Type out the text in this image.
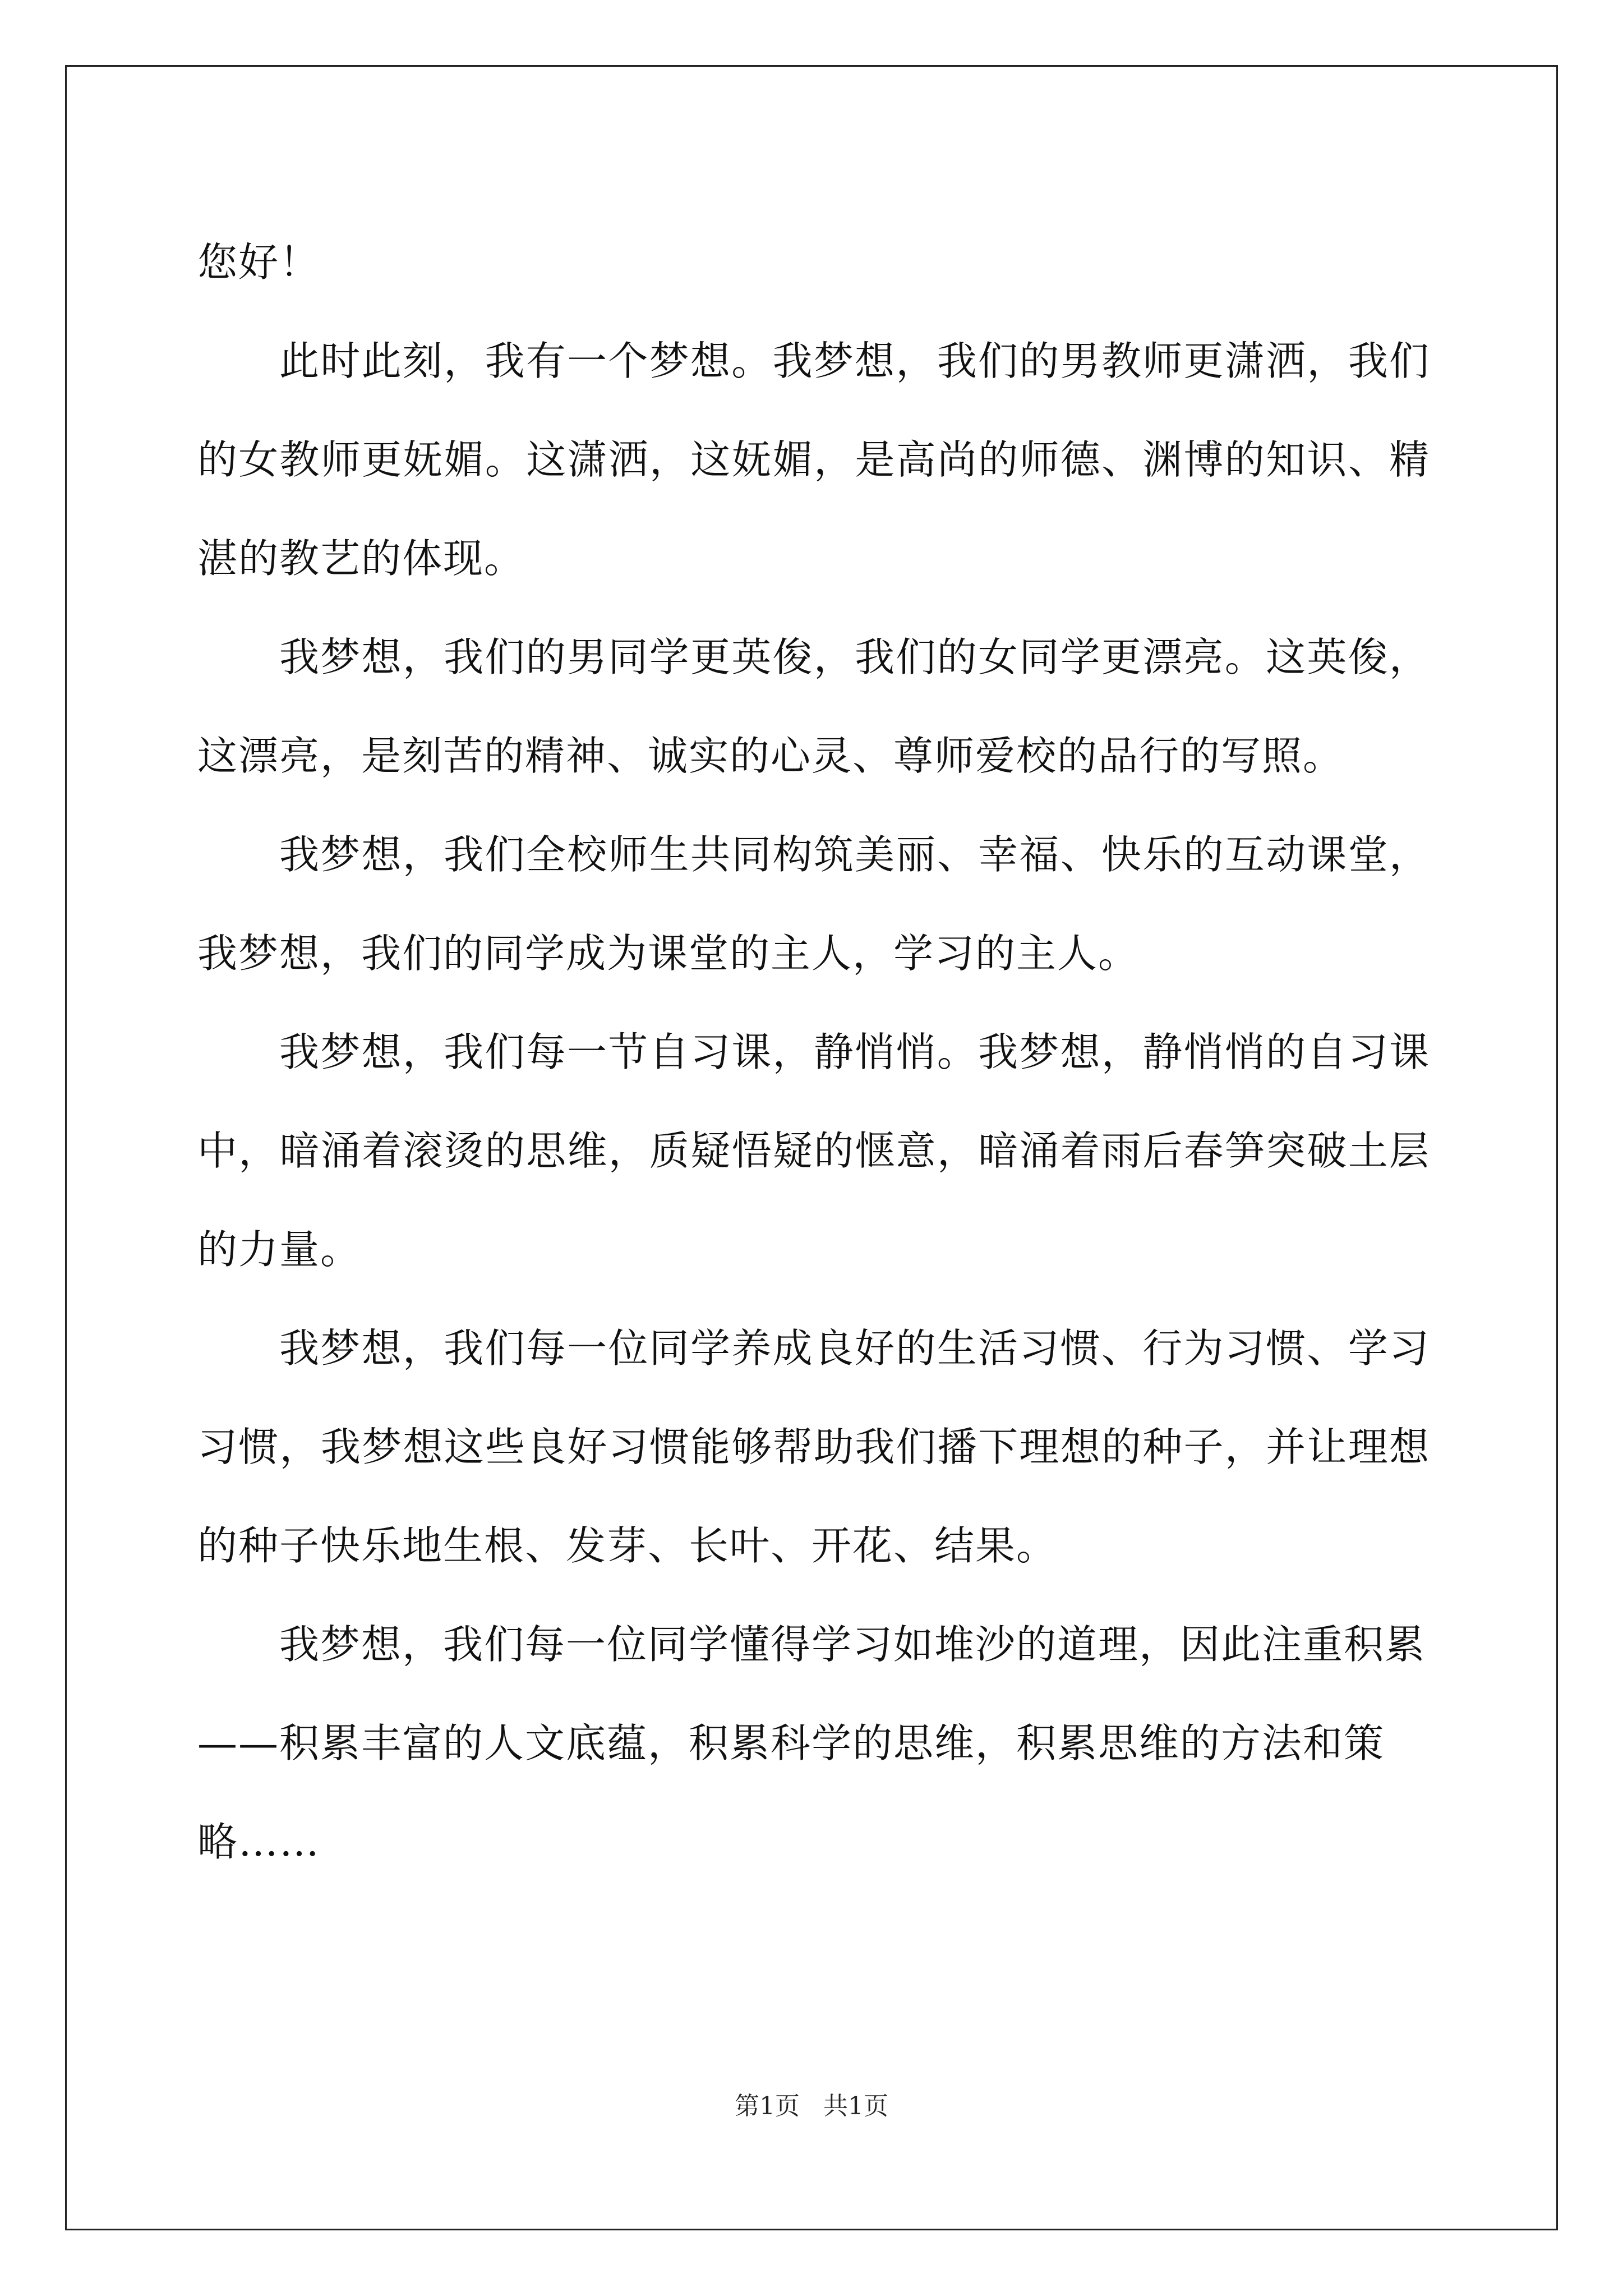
您好！

此时此刻，我有一个梦想。我梦想，我们的男教师更潇洒，我们的女教师更妩媚。这潇洒，这妩媚，是高尚的师德、渊博的知识、精湛的教艺的体现。

我梦想，我们的男同学更英俊，我们的女同学更漂亮。这英俊，这漂亮，是刻苦的精神、诚实的心灵、尊师爱校的品行的写照。

我梦想，我们全校师生共同构筑美丽、幸福、快乐的互动课堂，我梦想，我们的同学成为课堂的主人，学习的主人。

我梦想，我们每一节自习课，静悄悄。我梦想，静悄悄的自习课中，暗涌着滚烫的思维，质疑悟疑的惬意，暗涌着雨后春笋突破土层的力量。

我梦想，我们每一位同学养成良好的生活习惯、行为习惯、学习习惯，我梦想这些良好习惯能够帮助我们播下理想的种子，并让理想的种子快乐地生根、发芽、长叶、开花、结果。

我梦想，我们每一位同学懂得学习如堆沙的道理，因此注重积累——积累丰富的人文底蕴，积累科学的思维，积累思维的方法和策略……

第1页 共1页
